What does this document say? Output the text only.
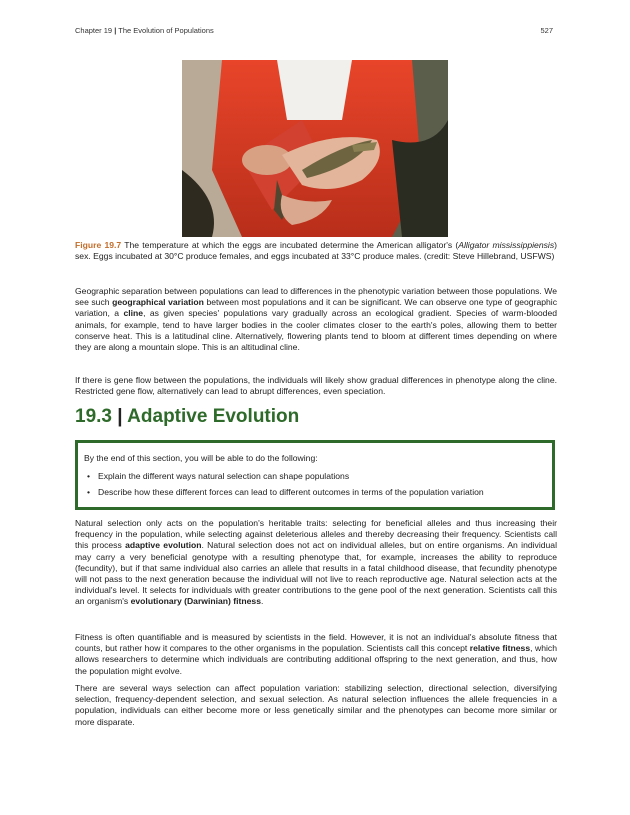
Chapter 19 | The Evolution of Populations	527
Figure 19.7 The temperature at which the eggs are incubated determine the American alligator's (Alligator mississippiensis) sex. Eggs incubated at 30°C produce females, and eggs incubated at 33°C produce males. (credit: Steve Hillebrand, USFWS)

Geographic separation between populations can lead to differences in the phenotypic variation between those populations. We see such geographical variation between most populations and it can be significant. We can observe one type of geographic variation, a cline, as given species' populations vary gradually across an ecological gradient. Species of warm-blooded animals, for example, tend to have larger bodies in the cooler climates closer to the earth's poles, allowing them to better conserve heat. This is a latitudinal cline. Alternatively, flowering plants tend to bloom at different times depending on where they are along a mountain slope. This is an altitudinal cline.

If there is gene flow between the populations, the individuals will likely show gradual differences in phenotype along the cline. Restricted gene flow, alternatively can lead to abrupt differences, even speciation.

19.3 | Adaptive Evolution
By the end of this section, you will be able to do the following:
• Explain the different ways natural selection can shape populations
• Describe how these different forces can lead to different outcomes in terms of the population variation

Natural selection only acts on the population's heritable traits: selecting for beneficial alleles and thus increasing their frequency in the population, while selecting against deleterious alleles and thereby decreasing their frequency. Scientists call this process adaptive evolution. Natural selection does not act on individual alleles, but on entire organisms. An individual may carry a very beneficial genotype with a resulting phenotype that, for example, increases the ability to reproduce (fecundity), but if that same individual also carries an allele that results in a fatal childhood disease, that fecundity phenotype will not pass to the next generation because the individual will not live to reach reproductive age. Natural selection acts at the individual's level. It selects for individuals with greater contributions to the gene pool of the next generation. Scientists call this an organism's evolutionary (Darwinian) fitness.

Fitness is often quantifiable and is measured by scientists in the field. However, it is not an individual's absolute fitness that counts, but rather how it compares to the other organisms in the population. Scientists call this concept relative fitness, which allows researchers to determine which individuals are contributing additional offspring to the next generation, and thus, how the population might evolve.

There are several ways selection can affect population variation: stabilizing selection, directional selection, diversifying selection, frequency-dependent selection, and sexual selection. As natural selection influences the allele frequencies in a population, individuals can either become more or less genetically similar and the phenotypes can become more similar or more disparate.
